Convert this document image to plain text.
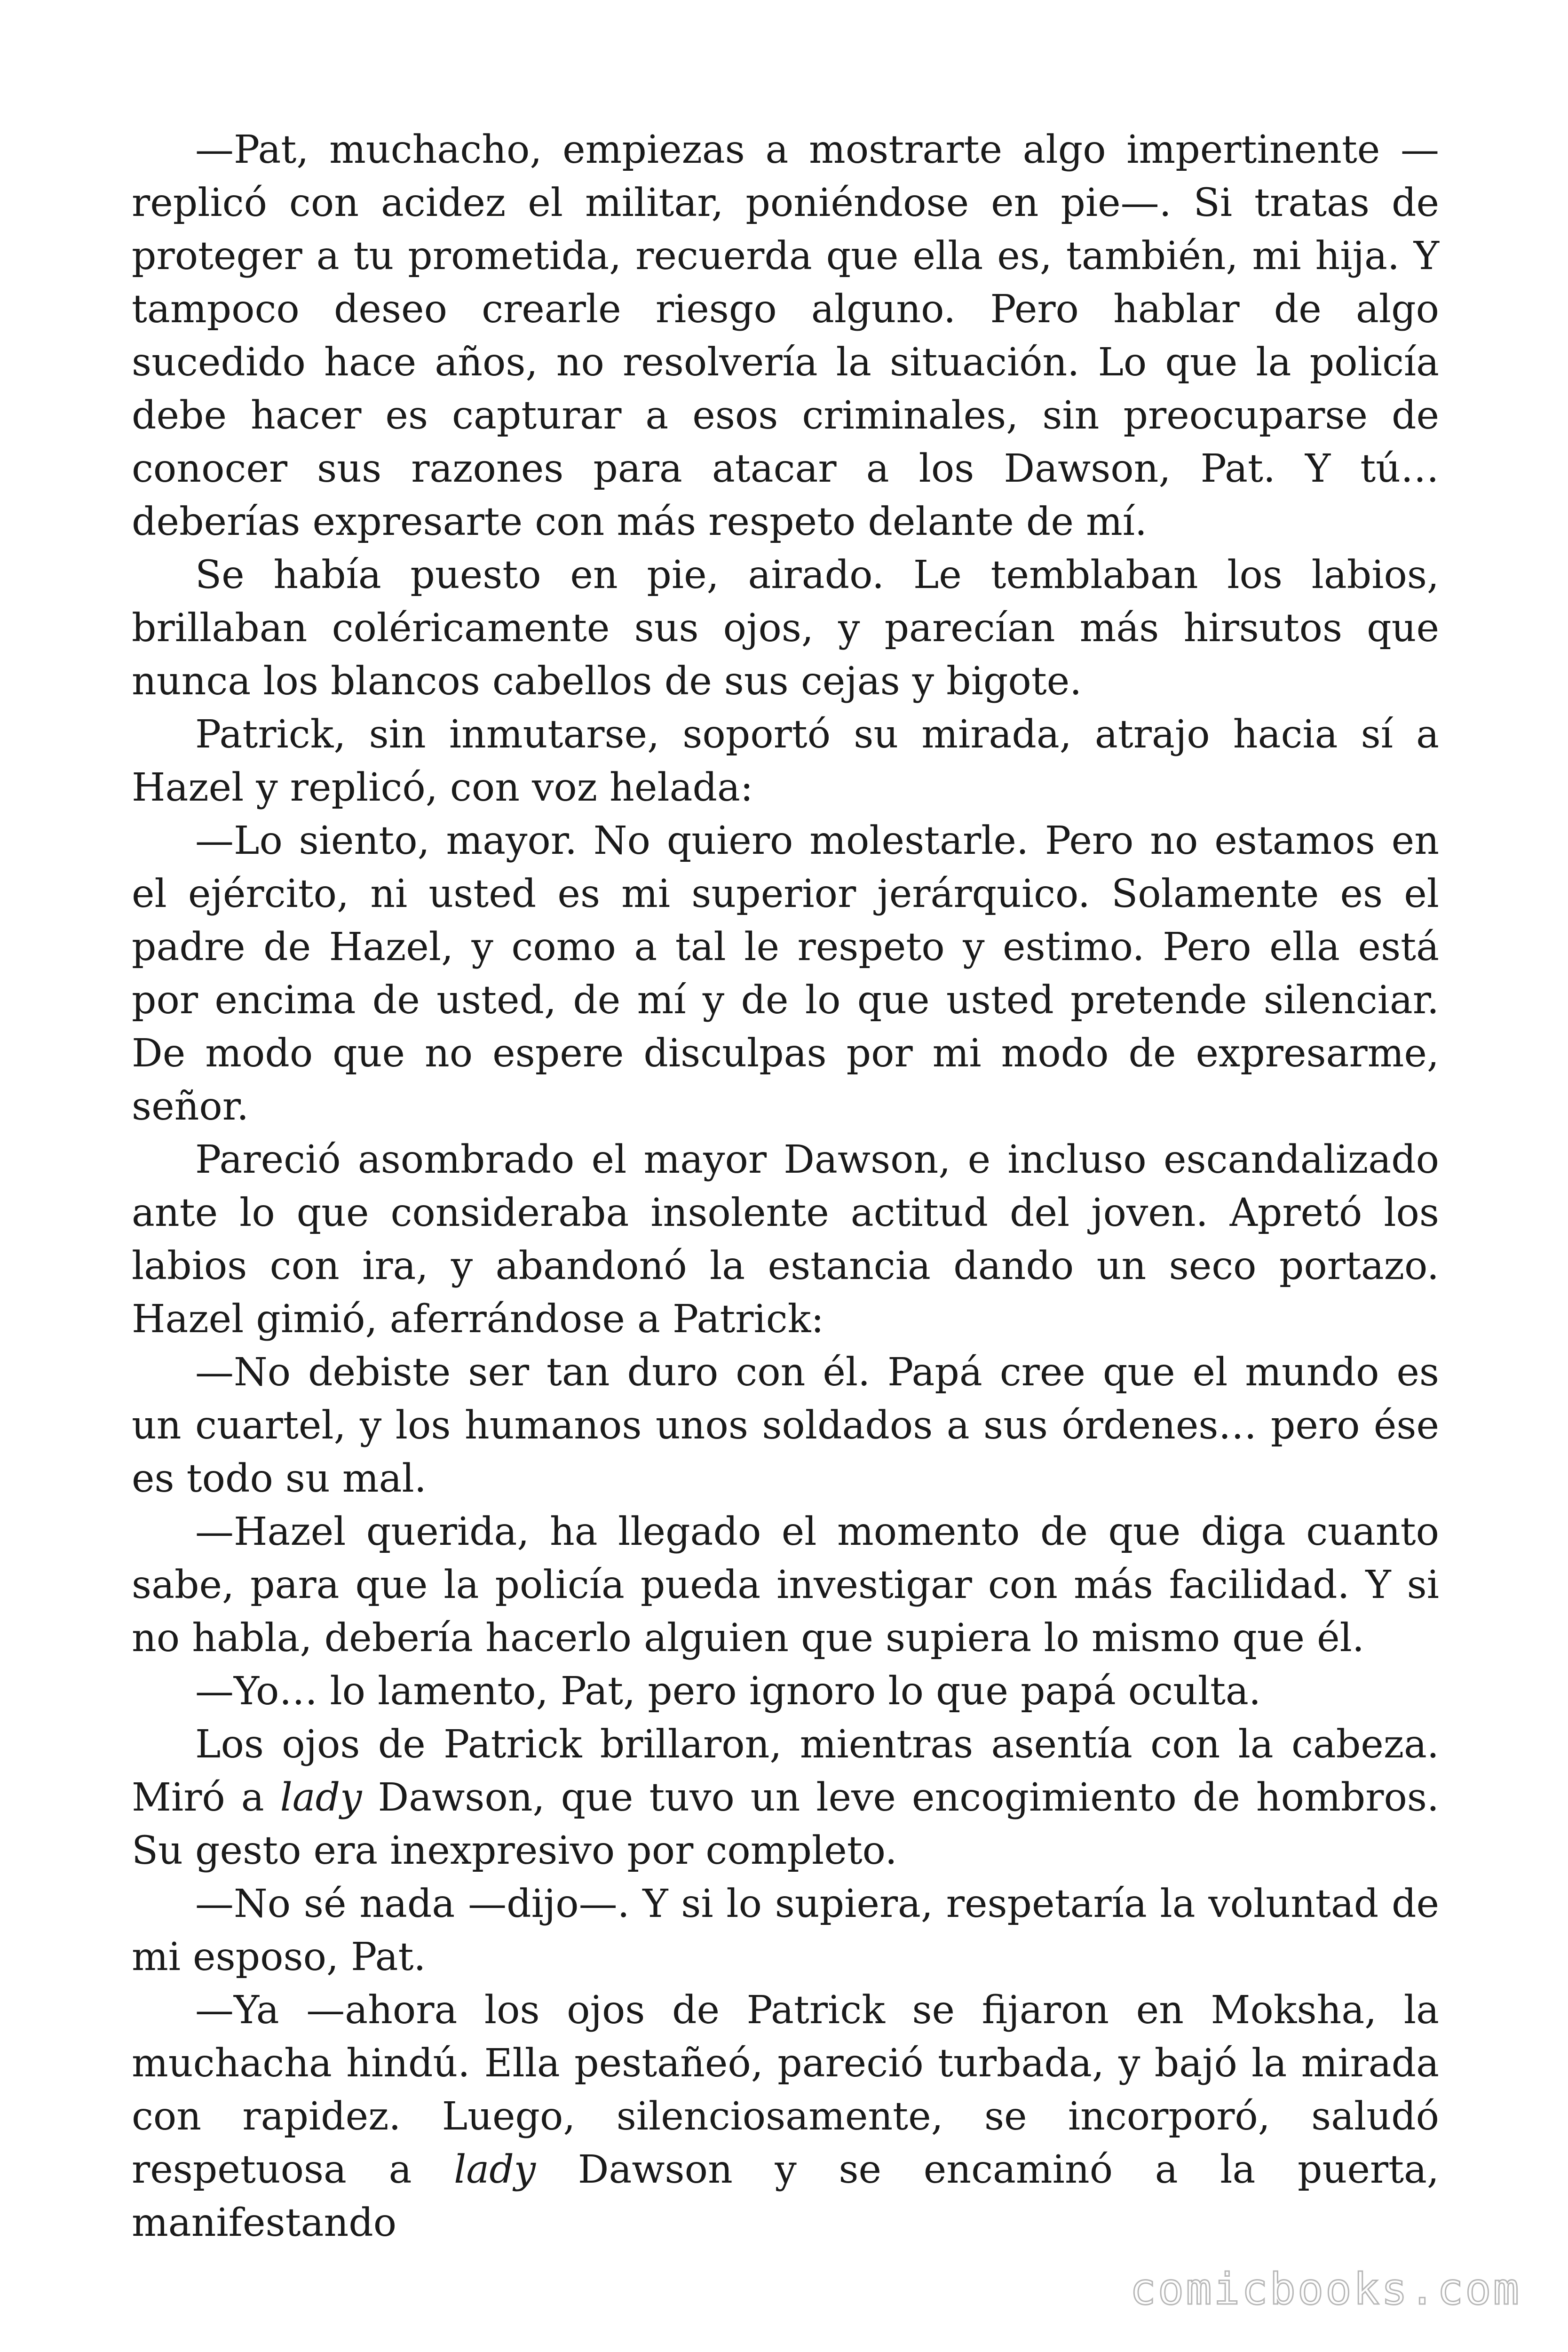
—Pat, muchacho, empiezas a mostrarte algo impertinente —replicó con acidez el militar, poniéndose en pie—. Si tratas de proteger a tu prometida, recuerda que ella es, también, mi hija. Y tampoco deseo crearle riesgo alguno. Pero hablar de algo sucedido hace años, no resolvería la situación. Lo que la policía debe hacer es capturar a esos criminales, sin preocuparse de conocer sus razones para atacar a los Dawson, Pat. Y tú… deberías expresarte con más respeto delante de mí.

Se había puesto en pie, airado. Le temblaban los labios, brillaban coléricamente sus ojos, y parecían más hirsutos que nunca los blancos cabellos de sus cejas y bigote.

Patrick, sin inmutarse, soportó su mirada, atrajo hacia sí a Hazel y replicó, con voz helada:

—Lo siento, mayor. No quiero molestarle. Pero no estamos en el ejército, ni usted es mi superior jerárquico. Solamente es el padre de Hazel, y como a tal le respeto y estimo. Pero ella está por encima de usted, de mí y de lo que usted pretende silenciar. De modo que no espere disculpas por mi modo de expresarme, señor.

Pareció asombrado el mayor Dawson, e incluso escandalizado ante lo que consideraba insolente actitud del joven. Apretó los labios con ira, y abandonó la estancia dando un seco portazo. Hazel gimió, aferrándose a Patrick:

—No debiste ser tan duro con él. Papá cree que el mundo es un cuartel, y los humanos unos soldados a sus órdenes… pero ése es todo su mal.

—Hazel querida, ha llegado el momento de que diga cuanto sabe, para que la policía pueda investigar con más facilidad. Y si no habla, debería hacerlo alguien que supiera lo mismo que él.

—Yo… lo lamento, Pat, pero ignoro lo que papá oculta.

Los ojos de Patrick brillaron, mientras asentía con la cabeza. Miró a lady Dawson, que tuvo un leve encogimiento de hombros. Su gesto era inexpresivo por completo.

—No sé nada —dijo—. Y si lo supiera, respetaría la voluntad de mi esposo, Pat.

—Ya —ahora los ojos de Patrick se fijaron en Moksha, la muchacha hindú. Ella pestañeó, pareció turbada, y bajó la mirada con rapidez. Luego, silenciosamente, se incorporó, saludó respetuosa a lady Dawson y se encaminó a la puerta, manifestando

comicbooks.com
